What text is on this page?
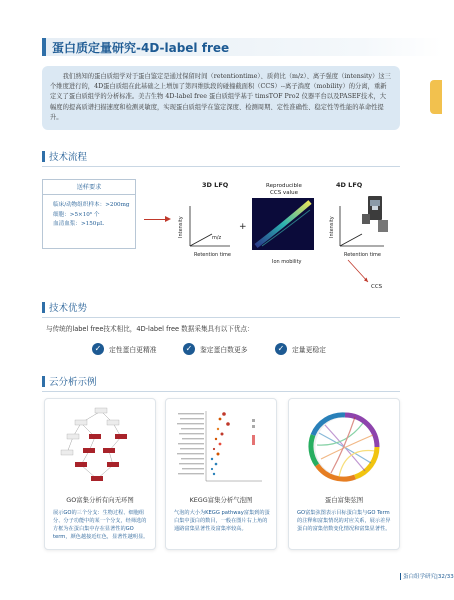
蛋白质定量研究-4D-label free

我们熟知的蛋白质组学对于蛋白鉴定是通过保留时间（retentiontime）、质荷比（m/z）、离子强度（intensity）这三个维度进行的，4D蛋白质组在此基础之上增加了第四维肽段的碰撞截面积（CCS）--离子淌度（mobility）的分离，重新定义了蛋白质组学的分析标准。美吉生物 4D-label free 蛋白质组学基于 timsTOF Pro2 仪器平台以及PASEF技术，大幅度的提高质谱扫描速度和检测灵敏度，实现蛋白质组学在鉴定深度、检测周期、定性准确性、稳定性等性能的革命性提升。

技术流程
送样要求
临床/动物组织样本：>200mg
细胞：>5×10⁶ 个
血清血浆：>150μL
3D LFQ
Intensity	m/z
Retention time
+
Reproducible
CCS value
Ion mobility
4D LFQ
Intensity
Retention time
CCS
技术优势
与传统的label free技术相比，4D-label free 数据采集具有以下优点：
✓	定性蛋白更精准	✓	鉴定蛋白数更多	✓	定量更稳定
云分析示例
GO富集分析有向无环图
展示GO的三个分支：生物过程、细胞组分、分子功能中的某一个分支，经筛选的方框为在蛋白集中存在显著性的GO term，颜色越接近红色，显著性越明显。
KEGG富集分析气泡图
气泡的大小为KEGG pathway富集到的蛋白集中蛋白的数目，一般在图片右上角的通路富集显著性及富集率较高。
蛋白富集弦图
GO富集弦图表示目标蛋白集与GO Term的注释和富集情况的对应关系，展示差异蛋白的富集倍数变化情况和富集显著性。
蛋白组学研究|32/33
